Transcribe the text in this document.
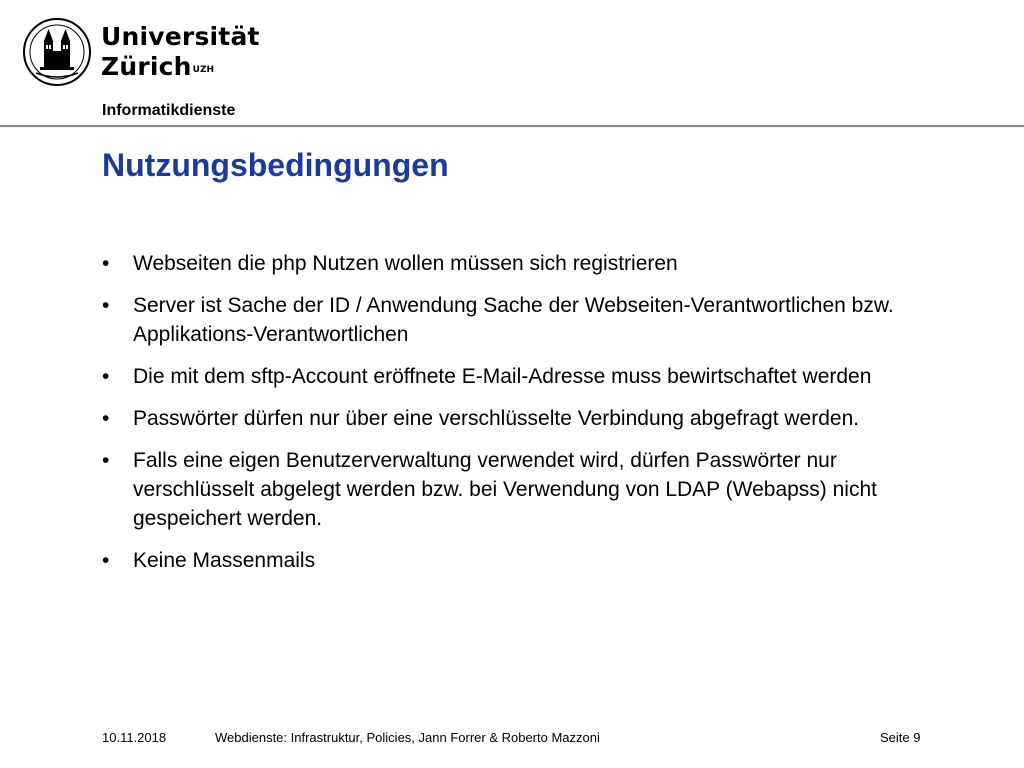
Universität
Zürich$^{UZH}$
Informatikdienste
Nutzungsbedingungen
•	Webseiten die php Nutzen wollen müssen sich registrieren
•	Server ist Sache der ID / Anwendung Sache der Webseiten-Verantwortlichen bzw. Applikations-Verantwortlichen
•	Die mit dem sftp-Account eröffnete E-Mail-Adresse muss bewirtschaftet werden
•	Passwörter dürfen nur über eine verschlüsselte Verbindung abgefragt werden.
•	Falls eine eigen Benutzerverwaltung verwendet wird, dürfen Passwörter nur verschlüsselt abgelegt werden bzw. bei Verwendung von LDAP (Webapss) nicht gespeichert werden.
•	Keine Massenmails
10.11.2018	Webdienste: Infrastruktur, Policies, Jann Forrer & Roberto Mazzoni	Seite 9
